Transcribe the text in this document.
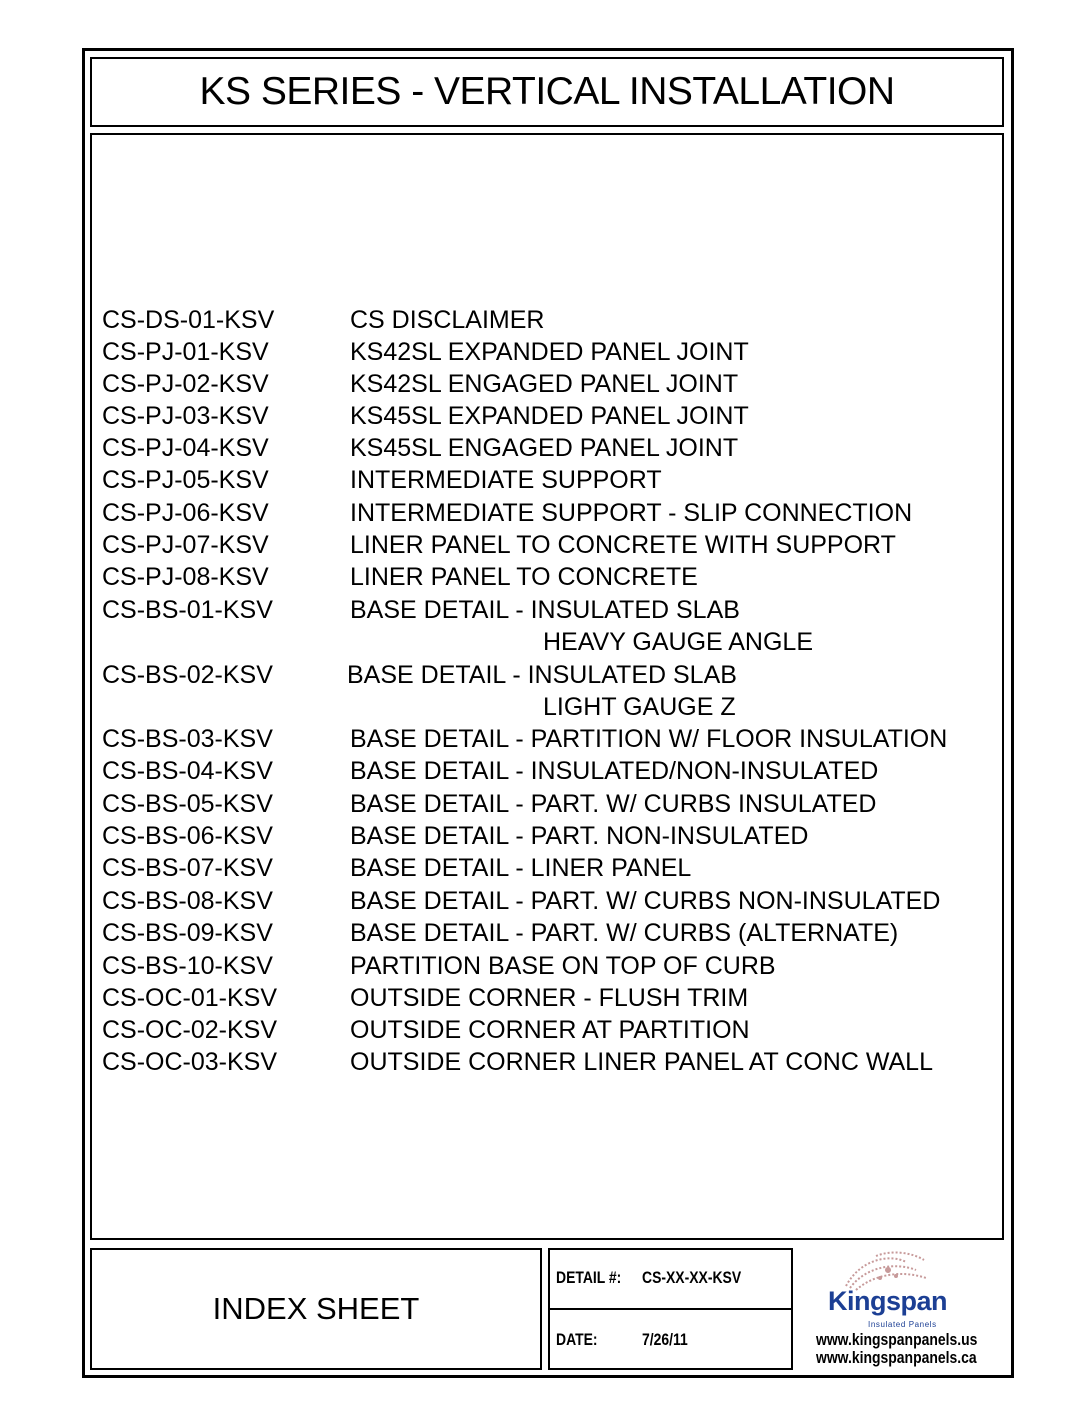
KS SERIES - VERTICAL INSTALLATION
CS-DS-01-KSV	CS DISCLAIMER
CS-PJ-01-KSV	KS42SL EXPANDED PANEL JOINT
CS-PJ-02-KSV	KS42SL ENGAGED PANEL JOINT
CS-PJ-03-KSV	KS45SL EXPANDED PANEL JOINT
CS-PJ-04-KSV	KS45SL ENGAGED PANEL JOINT
CS-PJ-05-KSV	INTERMEDIATE SUPPORT
CS-PJ-06-KSV	INTERMEDIATE SUPPORT - SLIP CONNECTION
CS-PJ-07-KSV	LINER PANEL TO CONCRETE WITH SUPPORT
CS-PJ-08-KSV	LINER PANEL TO CONCRETE
CS-BS-01-KSV	BASE DETAIL - INSULATED SLAB
HEAVY GAUGE ANGLE
CS-BS-02-KSV	BASE DETAIL - INSULATED SLAB
LIGHT GAUGE Z
CS-BS-03-KSV	BASE DETAIL - PARTITION W/ FLOOR INSULATION
CS-BS-04-KSV	BASE DETAIL - INSULATED/NON-INSULATED
CS-BS-05-KSV	BASE DETAIL - PART. W/ CURBS INSULATED
CS-BS-06-KSV	BASE DETAIL - PART. NON-INSULATED
CS-BS-07-KSV	BASE DETAIL - LINER PANEL
CS-BS-08-KSV	BASE DETAIL - PART. W/ CURBS NON-INSULATED
CS-BS-09-KSV	BASE DETAIL - PART. W/ CURBS (ALTERNATE)
CS-BS-10-KSV	PARTITION BASE ON TOP OF CURB
CS-OC-01-KSV	OUTSIDE CORNER - FLUSH TRIM
CS-OC-02-KSV	OUTSIDE CORNER AT PARTITION
CS-OC-03-KSV	OUTSIDE CORNER LINER PANEL AT CONC WALL
INDEX SHEET
DETAIL #: CS-XX-XX-KSV
DATE:	7/26/11
Kingspan
Insulated Panels
www.kingspanpanels.us
www.kingspanpanels.ca
